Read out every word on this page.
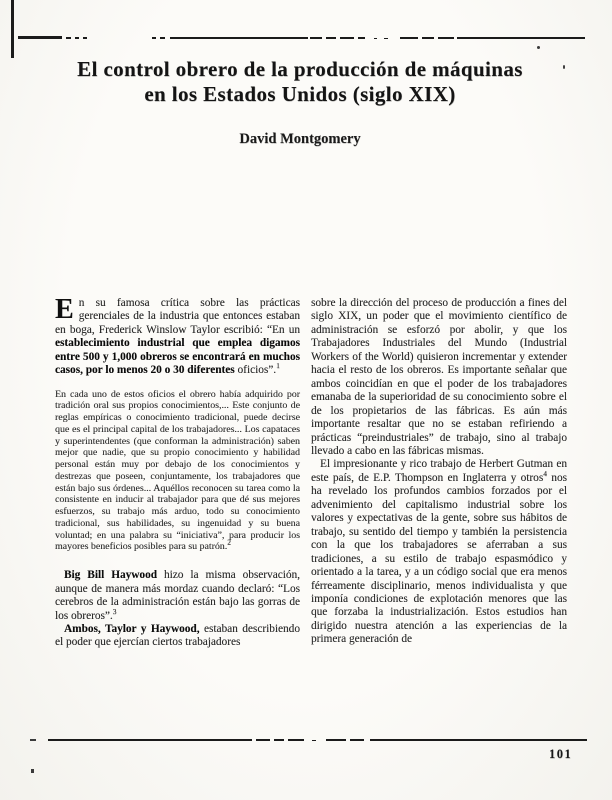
El control obrero de la producción de máquinas
en los Estados Unidos (siglo XIX)
David Montgomery

En su famosa crítica sobre las prácticas gerenciales de la industria que entonces estaban en boga, Frederick Winslow Taylor escribió: “En un establecimiento industrial que emplea digamos entre 500 y 1,000 obreros se encontrará en muchos casos, por lo menos 20 o 30 diferentes oficios”.$^1$

En cada uno de estos oficios el obrero había adquirido por tradición oral sus propios conocimientos,... Este conjunto de reglas empíricas o conocimiento tradicional, puede decirse que es el principal capital de los trabajadores... Los capataces y superintendentes (que conforman la administración) saben mejor que nadie, que su propio conocimiento y habilidad personal están muy por debajo de los conocimientos y destrezas que poseen, conjuntamente, los trabajadores que están bajo sus órdenes... Aquéllos reconocen su tarea como la consistente en inducir al trabajador para que dé sus mejores esfuerzos, su trabajo más arduo, todo su conocimiento tradicional, sus habilidades, su ingenuidad y su buena voluntad; en una palabra su “iniciativa”, para producir los mayores beneficios posibles para su patrón.$^2$

Big Bill Haywood hizo la misma observación, aunque de manera más mordaz cuando declaró: “Los cerebros de la administración están bajo las gorras de los obreros”.$^3$

Ambos, Taylor y Haywood, estaban describiendo el poder que ejercían ciertos trabajadores

sobre la dirección del proceso de producción a fines del siglo XIX, un poder que el movimiento científico de administración se esforzó por abolir, y que los Trabajadores Industriales del Mundo (Industrial Workers of the World) quisieron incrementar y extender hacia el resto de los obreros. Es importante señalar que ambos coincidían en que el poder de los trabajadores emanaba de la superioridad de su conocimiento sobre el de los propietarios de las fábricas. Es aún más importante resaltar que no se estaban refiriendo a prácticas “preindustriales” de trabajo, sino al trabajo llevado a cabo en las fábricas mismas.

El impresionante y rico trabajo de Herbert Gutman en este país, de E.P. Thompson en Inglaterra y otros$^4$ nos ha revelado los profundos cambios forzados por el advenimiento del capitalismo industrial sobre los valores y expectativas de la gente, sobre sus hábitos de trabajo, su sentido del tiempo y también la persistencia con la que los trabajadores se aferraban a sus tradiciones, a su estilo de trabajo espasmódico y orientado a la tarea, y a un código social que era menos férreamente disciplinario, menos individualista y que imponía condiciones de explotación menores que las que forzaba la industrialización. Estos estudios han dirigido nuestra atención a las experiencias de la primera generación de

101
